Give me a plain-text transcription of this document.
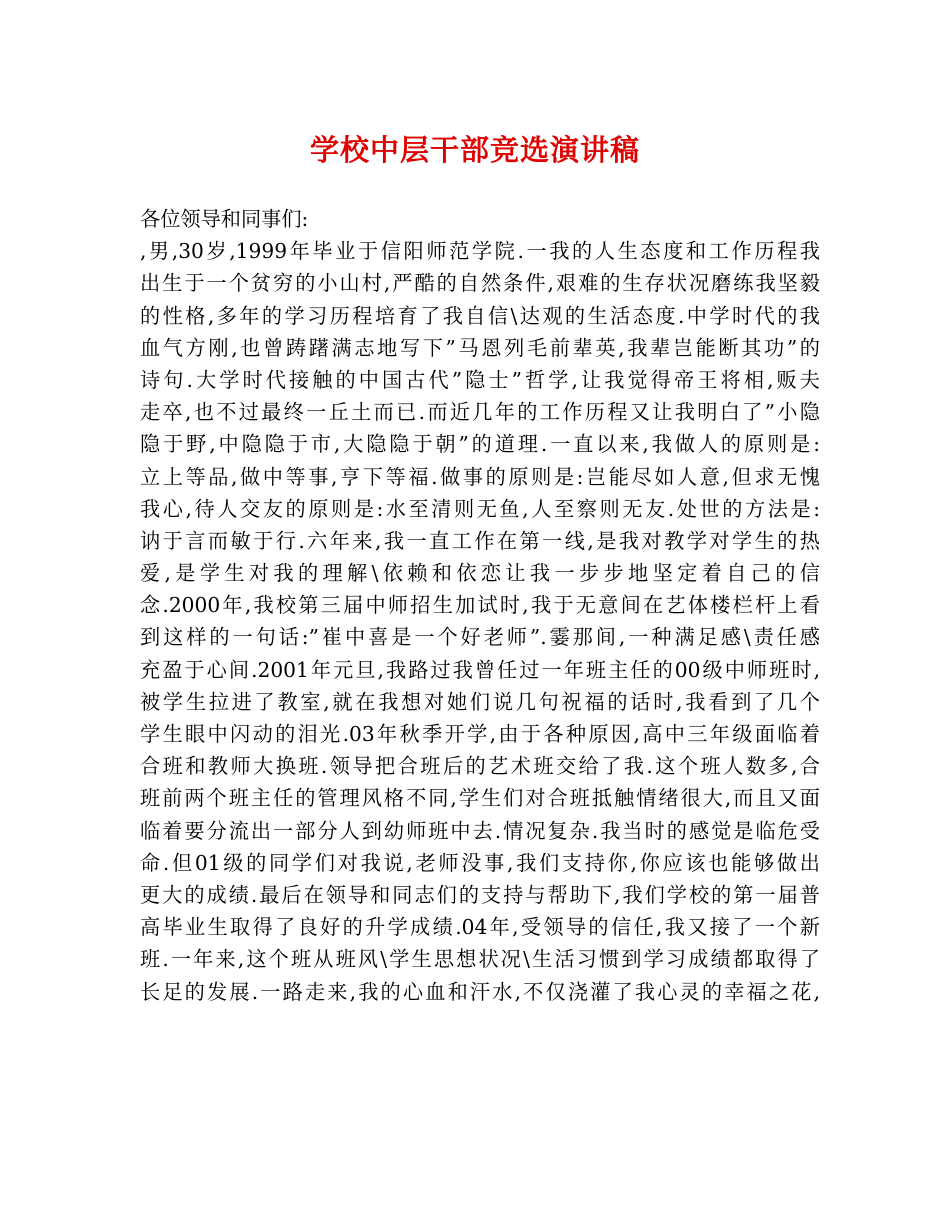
学校中层干部竞选演讲稿
各位领导和同事们:
,男,30岁,1999年毕业于信阳师范学院.一我的人生态度和工作历程我
出生于一个贫穷的小山村,严酷的自然条件,艰难的生存状况磨练我坚毅
的性格,多年的学习历程培育了我自信\达观的生活态度.中学时代的我
血气方刚,也曾踌躇满志地写下”马恩列毛前辈英,我辈岂能断其功”的
诗句.大学时代接触的中国古代”隐士”哲学,让我觉得帝王将相,贩夫
走卒,也不过最终一丘土而已.而近几年的工作历程又让我明白了”小隐
隐于野,中隐隐于市,大隐隐于朝”的道理.一直以来,我做人的原则是:
立上等品,做中等事,亨下等福.做事的原则是:岂能尽如人意,但求无愧
我心,待人交友的原则是:水至清则无鱼,人至察则无友.处世的方法是:
讷于言而敏于行.六年来,我一直工作在第一线,是我对教学对学生的热
爱,是学生对我的理解\依赖和依恋让我一步步地坚定着自己的信
念.2000年,我校第三届中师招生加试时,我于无意间在艺体楼栏杆上看
到这样的一句话:”崔中喜是一个好老师”.霎那间,一种满足感\责任感
充盈于心间.2001年元旦,我路过我曾任过一年班主任的00级中师班时,
被学生拉进了教室,就在我想对她们说几句祝福的话时,我看到了几个
学生眼中闪动的泪光.03年秋季开学,由于各种原因,高中三年级面临着
合班和教师大换班.领导把合班后的艺术班交给了我.这个班人数多,合
班前两个班主任的管理风格不同,学生们对合班抵触情绪很大,而且又面
临着要分流出一部分人到幼师班中去.情况复杂.我当时的感觉是临危受
命.但01级的同学们对我说,老师没事,我们支持你,你应该也能够做出
更大的成绩.最后在领导和同志们的支持与帮助下,我们学校的第一届普
高毕业生取得了良好的升学成绩.04年,受领导的信任,我又接了一个新
班.一年来,这个班从班风\学生思想状况\生活习惯到学习成绩都取得了
长足的发展.一路走来,我的心血和汗水,不仅浇灌了我心灵的幸福之花,
